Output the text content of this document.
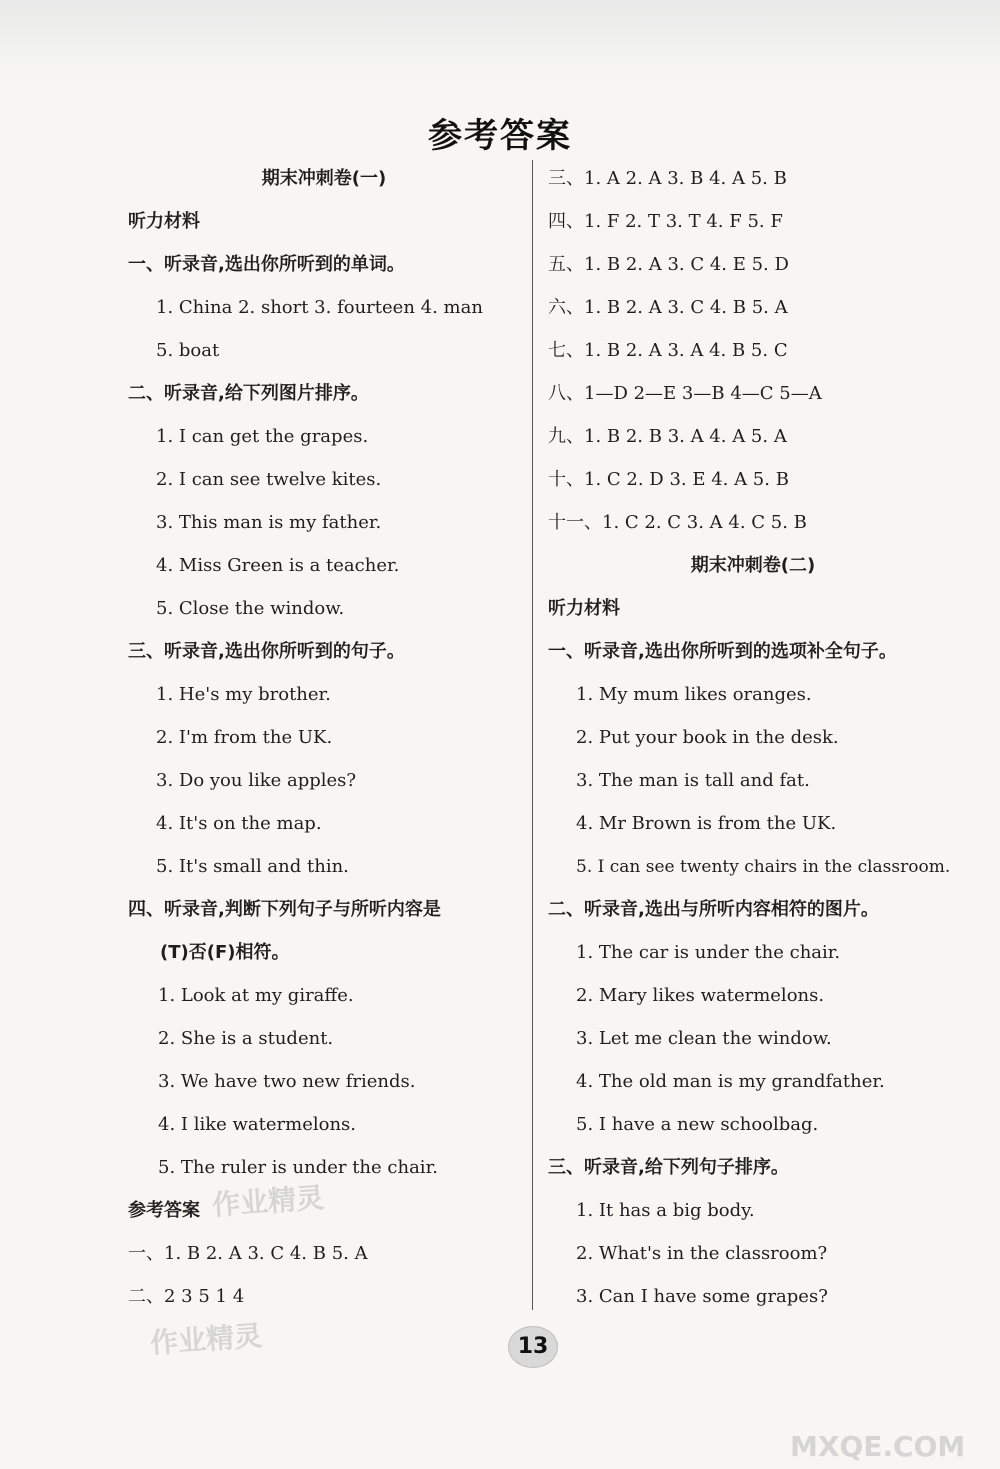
参考答案
期末冲刺卷(一)
听力材料
一、听录音,选出你所听到的单词。
1. China 2. short 3. fourteen 4. man
5. boat
二、听录音,给下列图片排序。
1. I can get the grapes.
2. I can see twelve kites.
3. This man is my father.
4. Miss Green is a teacher.
5. Close the window.
三、听录音,选出你所听到的句子。
1. He's my brother.
2. I'm from the UK.
3. Do you like apples?
4. It's on the map.
5. It's small and thin.
四、听录音,判断下列句子与所听内容是
(T)否(F)相符。
1. Look at my giraffe.
2. She is a student.
3. We have two new friends.
4. I like watermelons.
5. The ruler is under the chair.
参考答案
一、1. B 2. A 3. C 4. B 5. A
二、2 3 5 1 4
三、1. A 2. A 3. B 4. A 5. B
四、1. F 2. T 3. T 4. F 5. F
五、1. B 2. A 3. C 4. E 5. D
六、1. B 2. A 3. C 4. B 5. A
七、1. B 2. A 3. A 4. B 5. C
八、1—D 2—E 3—B 4—C 5—A
九、1. B 2. B 3. A 4. A 5. A
十、1. C 2. D 3. E 4. A 5. B
十一、1. C 2. C 3. A 4. C 5. B
期末冲刺卷(二)
听力材料
一、听录音,选出你所听到的选项补全句子。
1. My mum likes oranges.
2. Put your book in the desk.
3. The man is tall and fat.
4. Mr Brown is from the UK.
5. I can see twenty chairs in the classroom.
二、听录音,选出与所听内容相符的图片。
1. The car is under the chair.
2. Mary likes watermelons.
3. Let me clean the window.
4. The old man is my grandfather.
5. I have a new schoolbag.
三、听录音,给下列句子排序。
1. It has a big body.
2. What's in the classroom?
3. Can I have some grapes?
13
作业精灵
作业精灵
MXQE.COM
